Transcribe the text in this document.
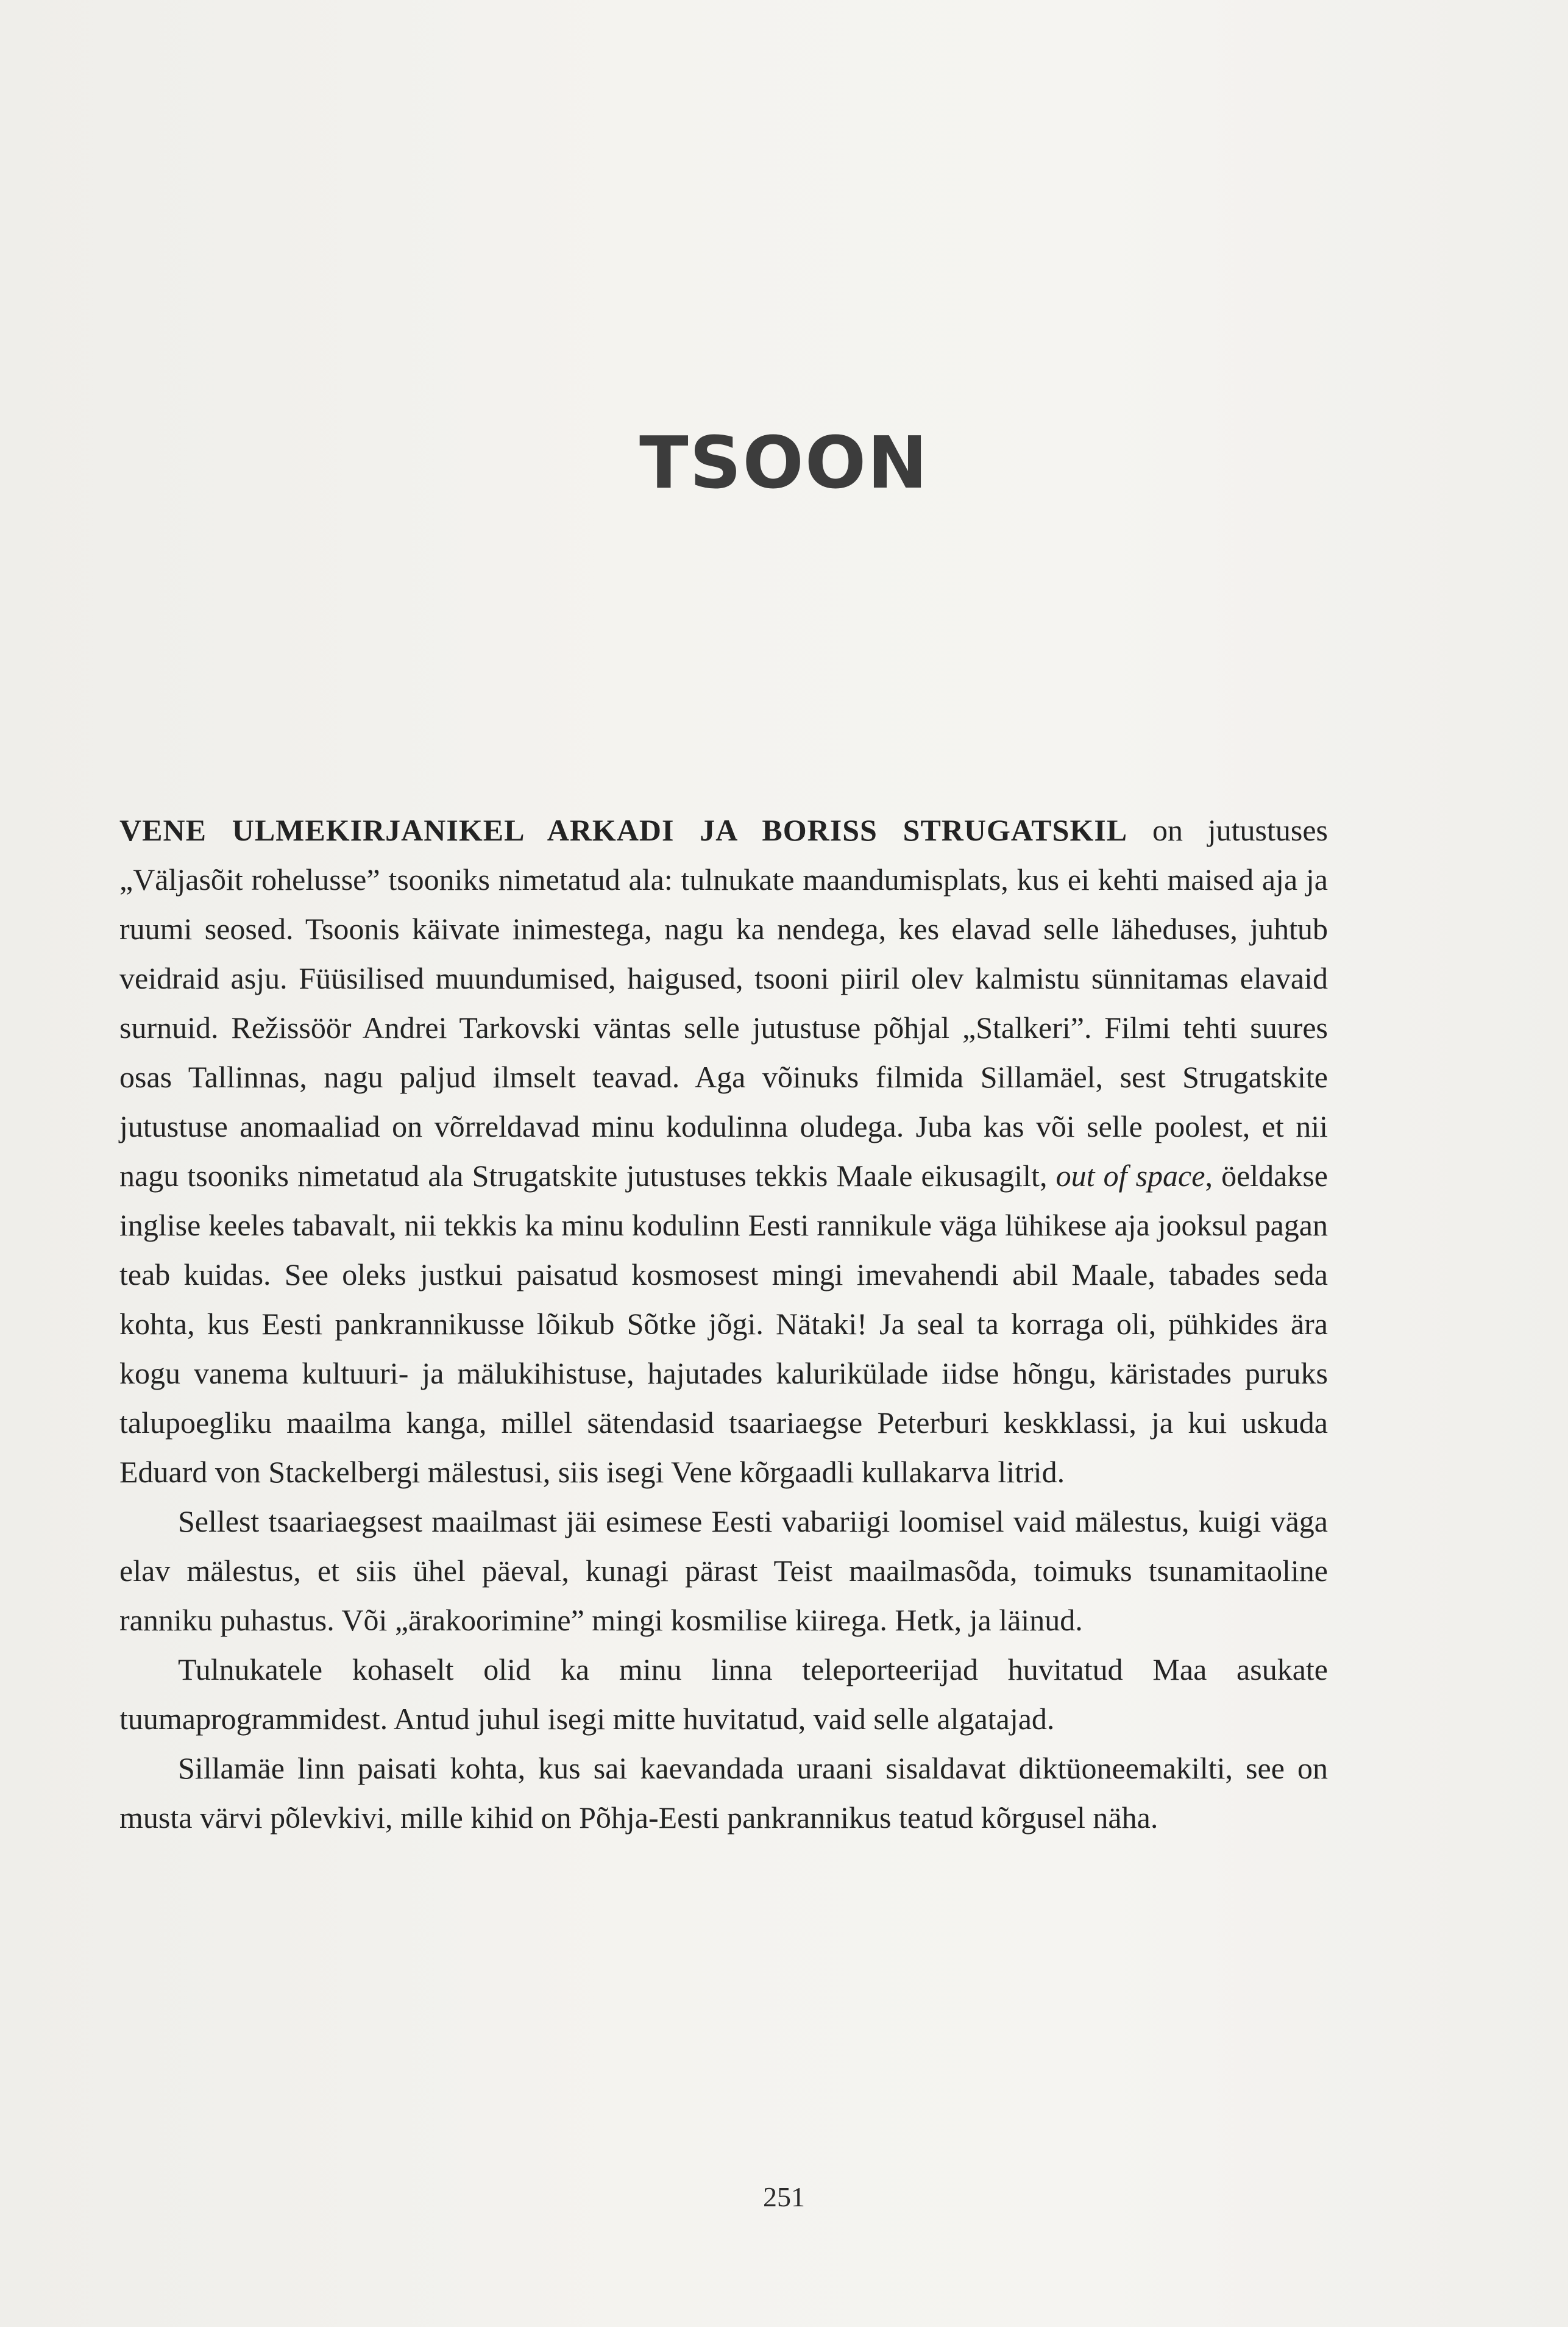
TSOON

VENE ULMEKIRJANIKEL ARKADI JA BORISS STRUGATSKIL on jutustuses „Väljasõit rohelusse” tsooniks nimetatud ala: tulnukate maandumisplats, kus ei kehti maised aja ja ruumi seosed. Tsoonis käivate inimestega, nagu ka nendega, kes elavad selle läheduses, juhtub veidraid asju. Füüsilised muundumised, haigused, tsooni piiril olev kalmistu sünnitamas elavaid surnuid. Režissöör Andrei Tarkovski väntas selle jutustuse põhjal „Stalkeri”. Filmi tehti suures osas Tallinnas, nagu paljud ilmselt teavad. Aga võinuks filmida Sillamäel, sest Strugatskite jutustuse anomaaliad on võrreldavad minu kodulinna oludega. Juba kas või selle poolest, et nii nagu tsooniks nimetatud ala Strugatskite jutustuses tekkis Maale eikusagilt, out of space, öeldakse inglise keeles tabavalt, nii tekkis ka minu kodulinn Eesti rannikule väga lühikese aja jooksul pagan teab kuidas. See oleks justkui paisatud kosmosest mingi imevahendi abil Maale, tabades seda kohta, kus Eesti pankrannikusse lõikub Sõtke jõgi. Nätaki! Ja seal ta korraga oli, pühkides ära kogu vanema kultuuri- ja mälukihistuse, hajutades kalurikülade iidse hõngu, käristades puruks talupoegliku maailma kanga, millel sätendasid tsaariaegse Peterburi keskklassi, ja kui uskuda Eduard von Stackelbergi mälestusi, siis isegi Vene kõrgaadli kullakarva litrid.

Sellest tsaariaegsest maailmast jäi esimese Eesti vabariigi loomisel vaid mälestus, kuigi väga elav mälestus, et siis ühel päeval, kunagi pärast Teist maailmasõda, toimuks tsunamitaoline ranniku puhastus. Või „ärakoorimine” mingi kosmilise kiirega. Hetk, ja läinud.

Tulnukatele kohaselt olid ka minu linna teleporteerijad huvitatud Maa asukate tuumaprogrammidest. Antud juhul isegi mitte huvitatud, vaid selle algatajad.

Sillamäe linn paisati kohta, kus sai kaevandada uraani sisaldavat diktüoneemakilti, see on musta värvi põlevkivi, mille kihid on Põhja-Eesti pankrannikus teatud kõrgusel näha.

251
